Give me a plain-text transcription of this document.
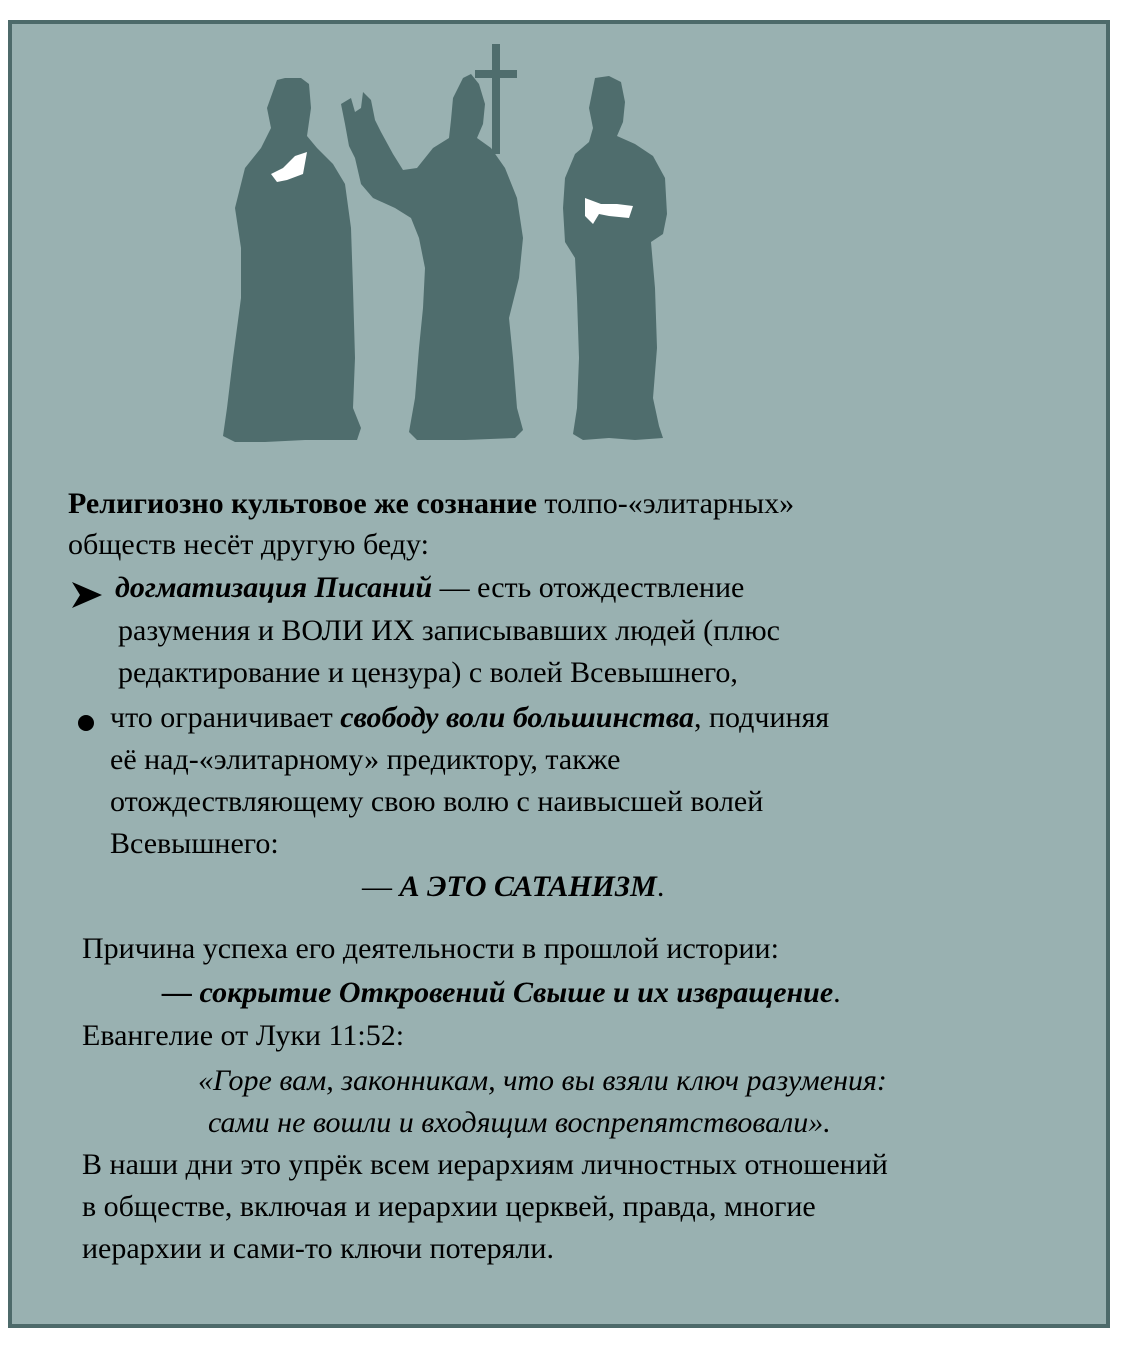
Религиозно культовое же сознание толпо-«элитарных»
обществ несёт другую беду:
догматизация Писаний — есть отождествление
разумения и ВОЛИ ИХ записывавших людей (плюс
редактирование и цензура) с волей Всевышнего,
что ограничивает свободу воли большинства, подчиняя
её над-«элитарному» предиктору, также
отождествляющему свою волю с наивысшей волей
Всевышнего:
— А ЭТО САТАНИЗМ.
Причина успеха его деятельности в прошлой истории:
— сокрытие Откровений Свыше и их извращение.
Евангелие от Луки 11:52:
«Горе вам, законникам, что вы взяли ключ разумения:
сами не вошли и входящим воспрепятствовали».
В наши дни это упрёк всем иерархиям личностных отношений
в обществе, включая и иерархии церквей, правда, многие
иерархии и сами-то ключи потеряли.
